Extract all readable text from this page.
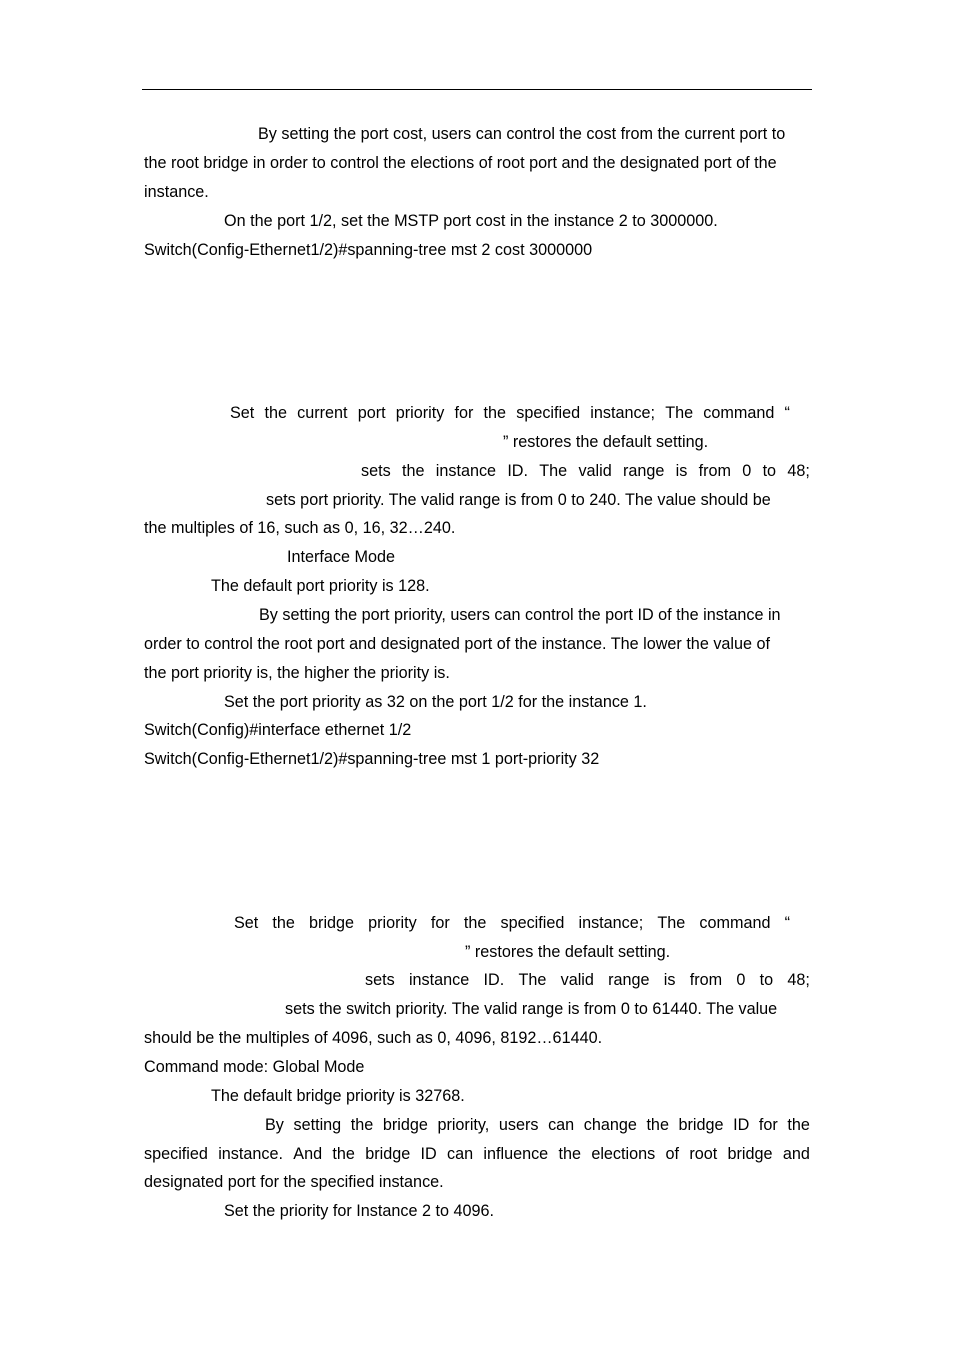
By setting the port cost, users can control the cost from the current port to
the root bridge in order to control the elections of root port and the designated port of the
instance.
On the port 1/2, set the MSTP port cost in the instance 2 to 3000000.
Switch(Config-Ethernet1/2)#spanning-tree mst 2 cost 3000000
Set the current port priority for the specified instance; The command “
” restores the default setting.
sets the instance ID. The valid range is from 0 to 48;
sets port priority. The valid range is from 0 to 240. The value should be
the multiples of 16, such as 0, 16, 32…240.
Interface Mode
The default port priority is 128.
By setting the port priority, users can control the port ID of the instance in
order to control the root port and designated port of the instance. The lower the value of
the port priority is, the higher the priority is.
Set the port priority as 32 on the port 1/2 for the instance 1.
Switch(Config)#interface ethernet 1/2
Switch(Config-Ethernet1/2)#spanning-tree mst 1 port-priority 32
Set the bridge priority for the specified instance; The command “
” restores the default setting.
sets instance ID. The valid range is from 0 to 48;
sets the switch priority. The valid range is from 0 to 61440. The value
should be the multiples of 4096, such as 0, 4096, 8192…61440.
Command mode: Global Mode
The default bridge priority is 32768.
By setting the bridge priority, users can change the bridge ID for the
specified instance. And the bridge ID can influence the elections of root bridge and
designated port for the specified instance.
Set the priority for Instance 2 to 4096.
